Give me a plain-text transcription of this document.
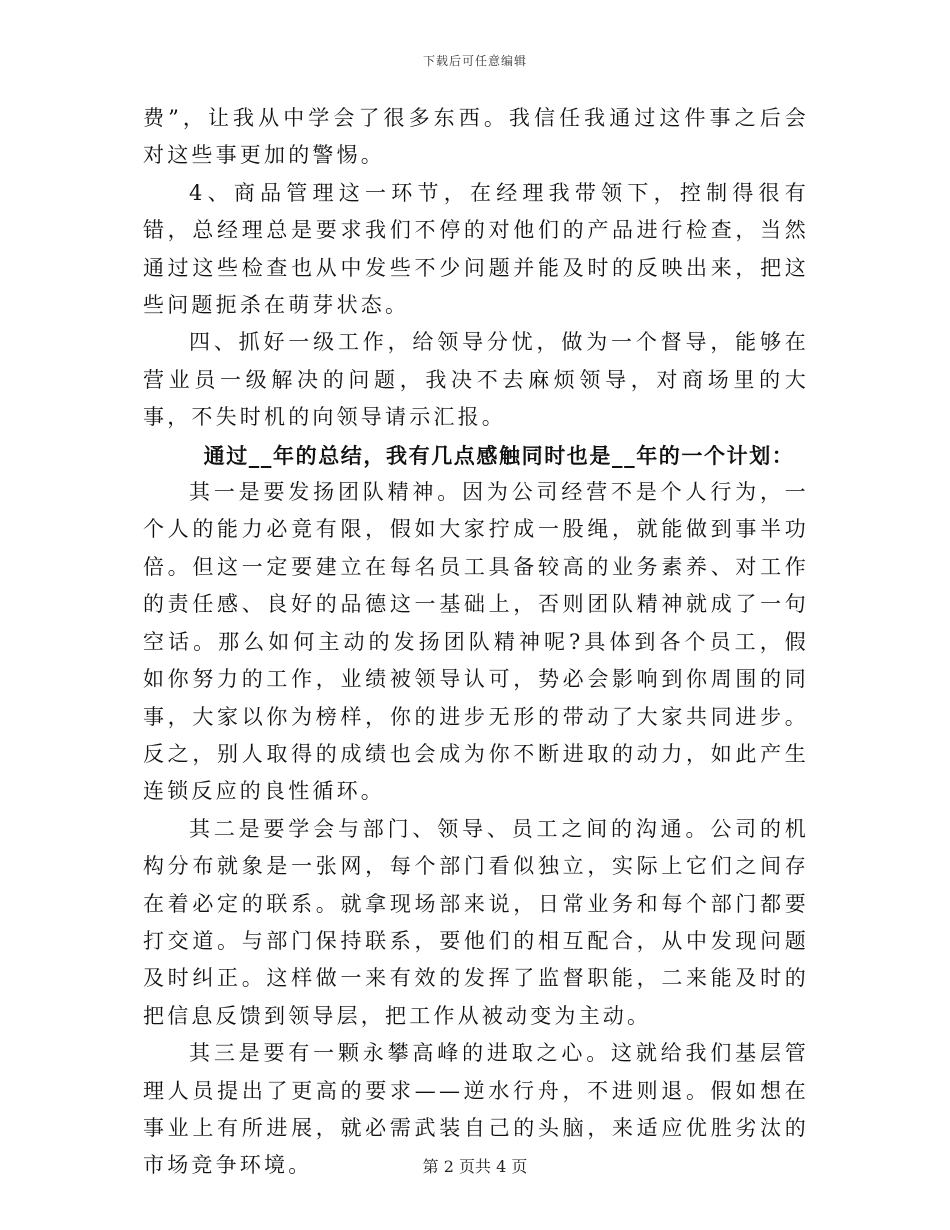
下载后可任意编辑

费”，让我从中学会了很多东西。我信任我通过这件事之后会对这些事更加的警惕。

4、商品管理这一环节，在经理我带领下，控制得很有错，总经理总是要求我们不停的对他们的产品进行检查，当然通过这些检查也从中发些不少问题并能及时的反映出来，把这些问题扼杀在萌芽状态。

四、抓好一级工作，给领导分忧，做为一个督导，能够在营业员一级解决的问题，我决不去麻烦领导，对商场里的大事，不失时机的向领导请示汇报。

通过__年的总结，我有几点感触同时也是__年的一个计划：

其一是要发扬团队精神。因为公司经营不是个人行为，一个人的能力必竟有限，假如大家拧成一股绳，就能做到事半功倍。但这一定要建立在每名员工具备较高的业务素养、对工作的责任感、良好的品德这一基础上，否则团队精神就成了一句空话。那么如何主动的发扬团队精神呢?具体到各个员工，假如你努力的工作，业绩被领导认可，势必会影响到你周围的同事，大家以你为榜样，你的进步无形的带动了大家共同进步。反之，别人取得的成绩也会成为你不断进取的动力，如此产生连锁反应的良性循环。

其二是要学会与部门、领导、员工之间的沟通。公司的机构分布就象是一张网，每个部门看似独立，实际上它们之间存在着必定的联系。就拿现场部来说，日常业务和每个部门都要打交道。与部门保持联系，要他们的相互配合，从中发现问题及时纠正。这样做一来有效的发挥了监督职能，二来能及时的把信息反馈到领导层，把工作从被动变为主动。

其三是要有一颗永攀高峰的进取之心。这就给我们基层管理人员提出了更高的要求——逆水行舟，不进则退。假如想在事业上有所进展，就必需武装自己的头脑，来适应优胜劣汰的市场竞争环境。	第 2 页共 4 页
